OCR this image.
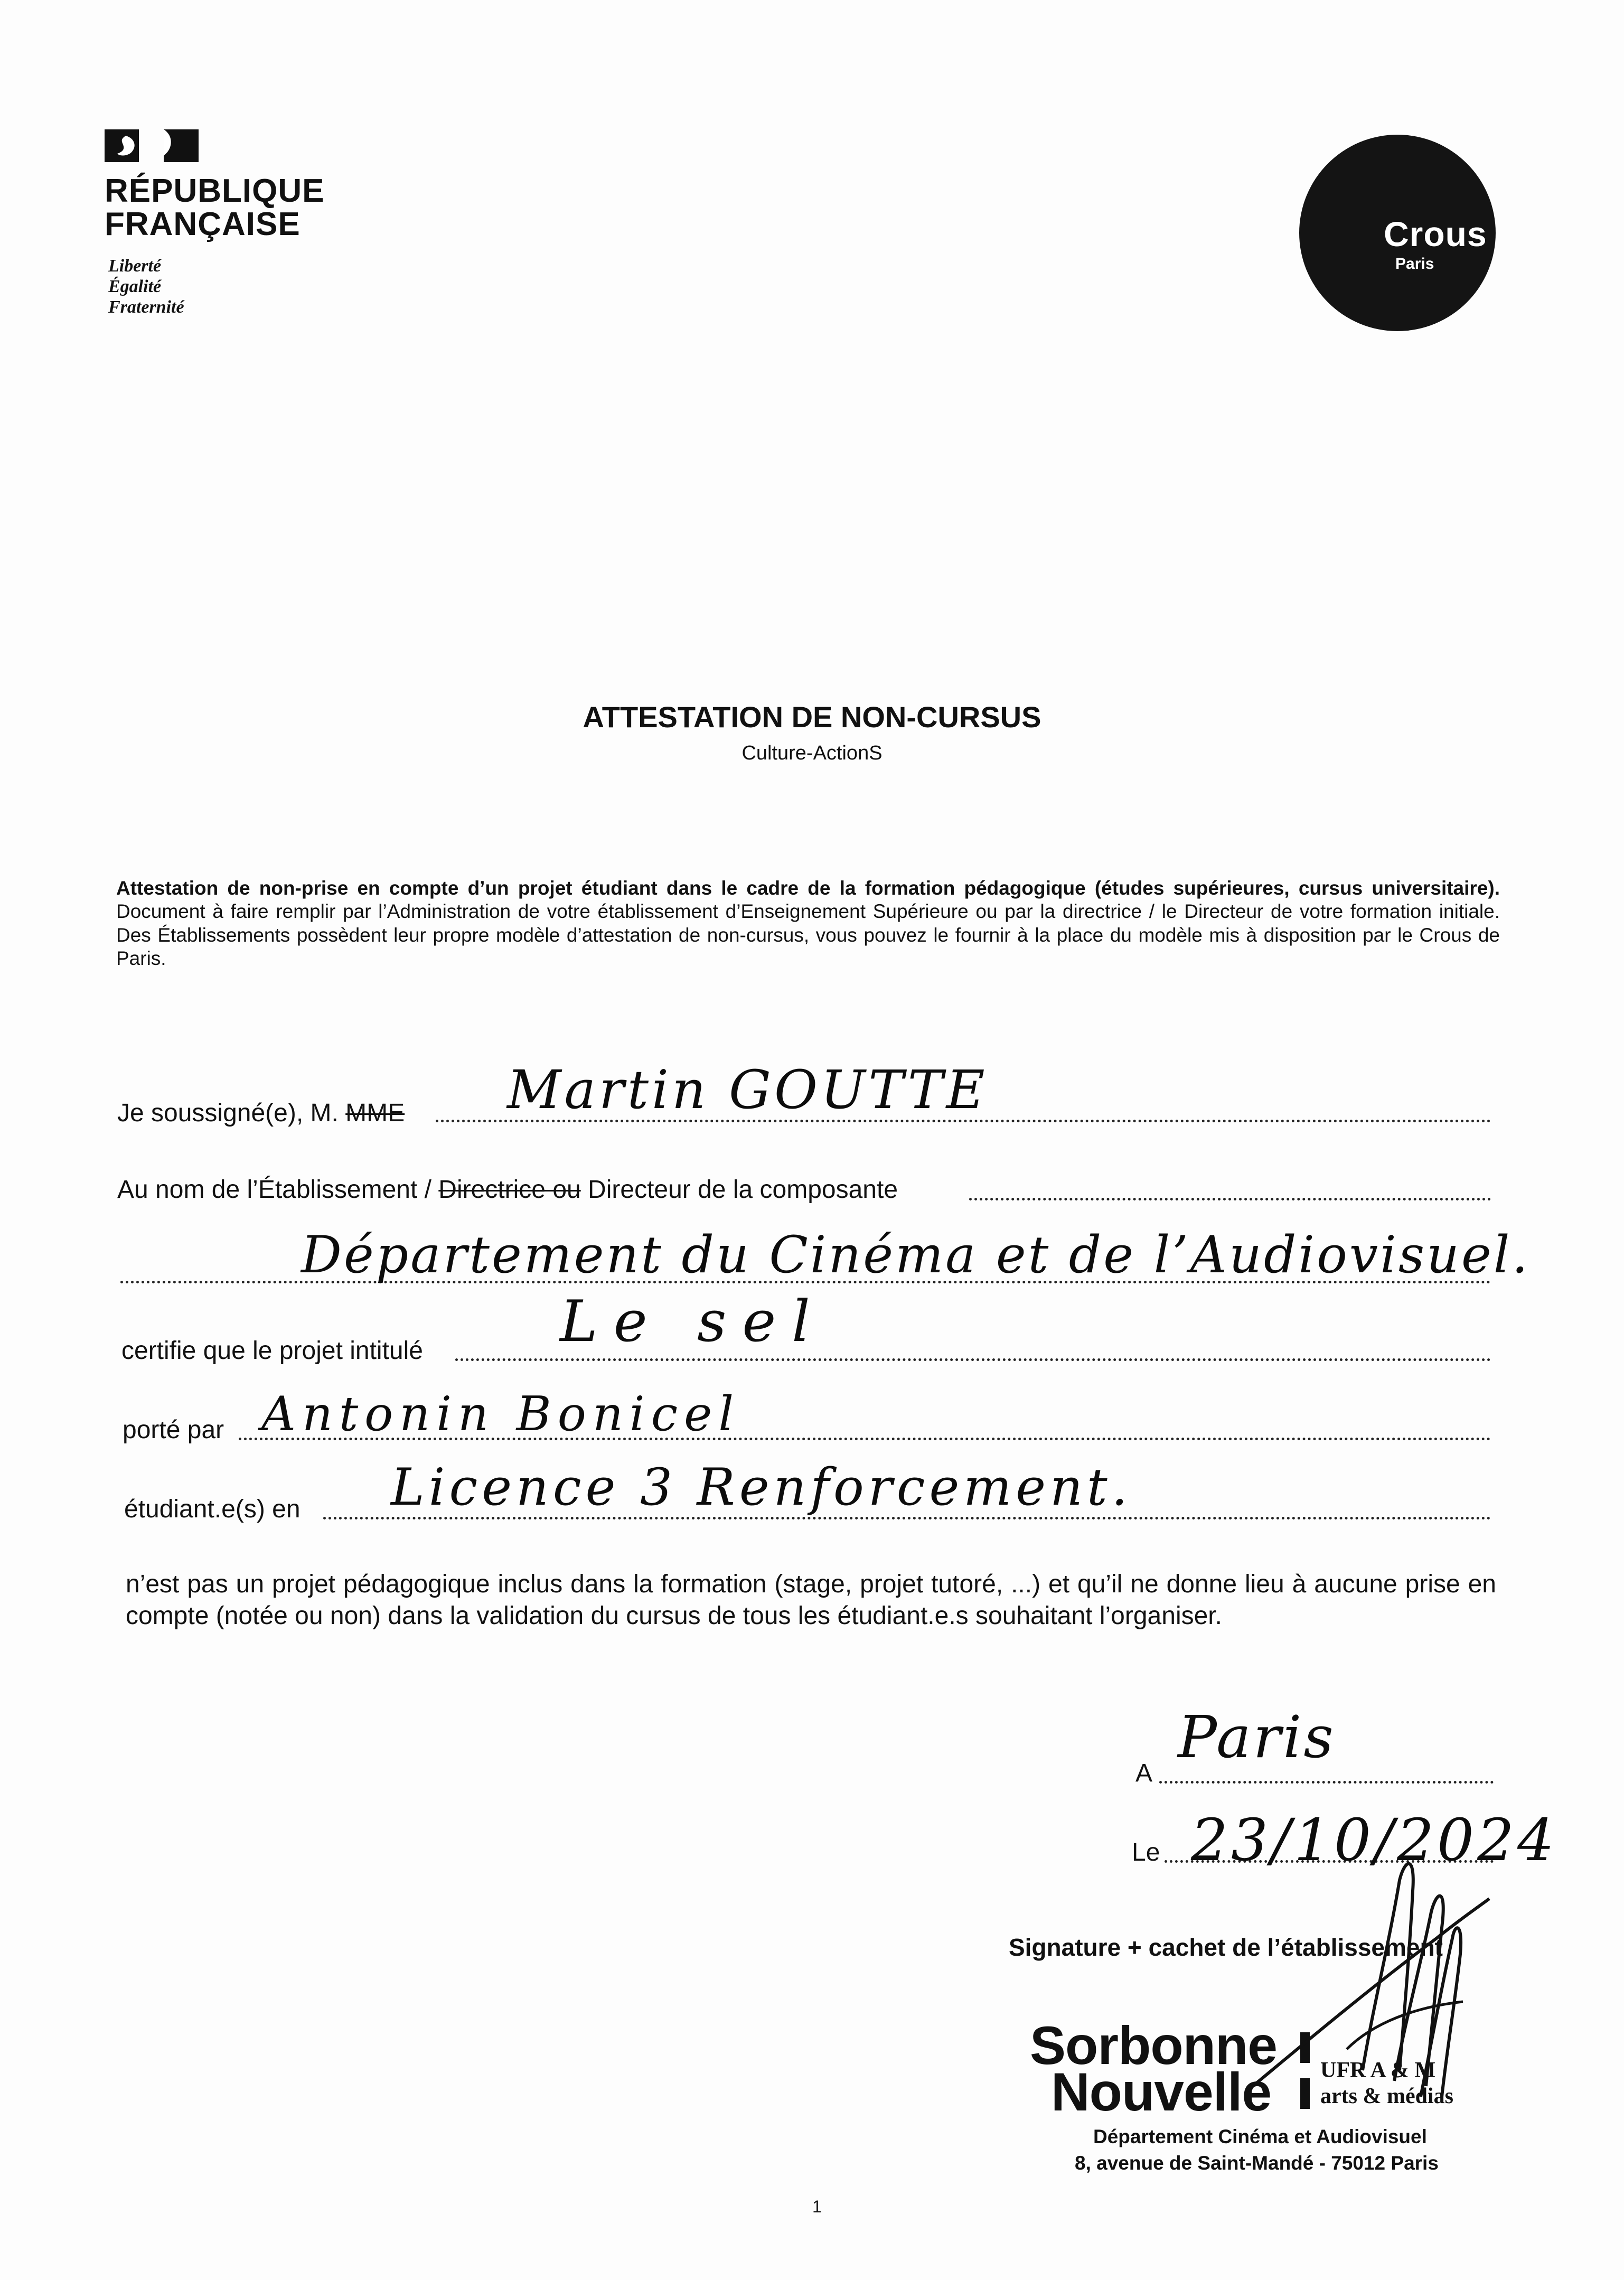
RÉPUBLIQUE
FRANÇAISE
Liberté
Égalité
Fraternité
Crous
Paris
ATTESTATION DE NON-CURSUS
Culture-ActionS
Attestation de non-prise en compte d’un projet étudiant dans le cadre de la formation pédagogique (études supérieures, cursus universitaire). Document à faire remplir par l’Administration de votre établissement d’Enseignement Supérieure ou par la directrice / le Directeur de votre formation initiale. Des Établissements possèdent leur propre modèle d’attestation de non-cursus, vous pouvez le fournir à la place du modèle mis à disposition par le Crous de Paris.
Je soussigné(e), M. MME Martin GOUTTE
Au nom de l’Établissement / Directrice ou Directeur de la composante
Département du Cinéma et de l’Audiovisuel.
certifie que le projet intitulé Le sel
porté par Antonin Bonicel
étudiant.e(s) en Licence 3 Renforcement.
n’est pas un projet pédagogique inclus dans la formation (stage, projet tutoré, ...) et qu’il ne donne lieu à aucune prise en compte (notée ou non) dans la validation du cursus de tous les étudiant.e.s souhaitant l’organiser.
A
Paris
Le 23/10/2024
Signature + cachet de l’établissement
Sorbonne
Nouvelle UFR A & M
arts & médias
Département Cinéma et Audiovisuel
8, avenue de Saint-Mandé - 75012 Paris
1
